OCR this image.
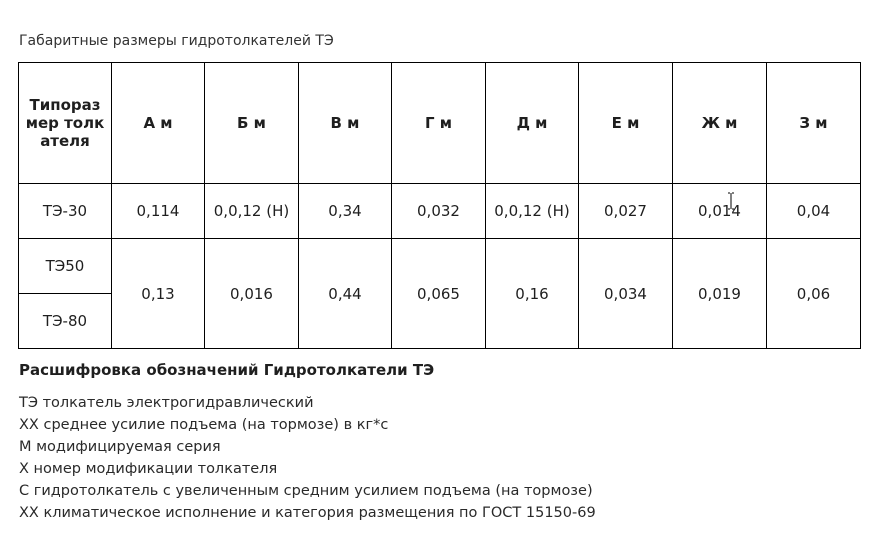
Габаритные размеры гидротолкателей ТЭ
Типоразмер толкателя	А м	Б м	В м	Г м	Д м	Е м	Ж м	З м
ТЭ-30	0,114	0,0,12 (Н)	0,34	0,032	0,0,12 (Н)	0,027	0,014	0,04
ТЭ50	0,13	0,016	0,44	0,065	0,16	0,034	0,019	0,06
ТЭ-80								
Расшифровка обозначений Гидротолкатели ТЭ
ТЭ толкатель электрогидравлический
ХХ среднее усилие подъема (на тормозе) в кг*с
М модифицируемая серия
Х номер модификации толкателя
С гидротолкатель с увеличенным средним усилием подъема (на тормозе)
ХХ климатическое исполнение и категория размещения по ГОСТ 15150-69
